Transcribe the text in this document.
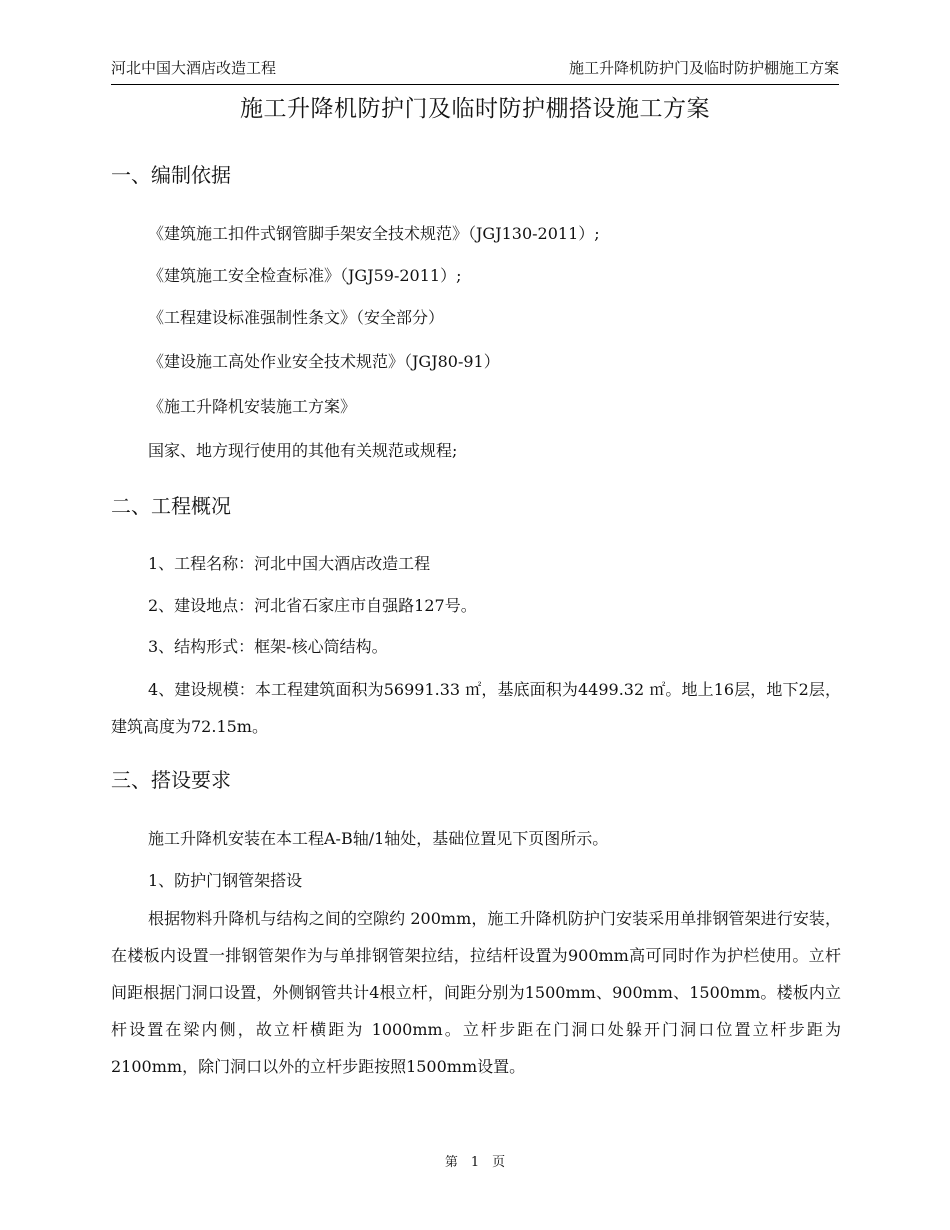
河北中国大酒店改造工程	施工升降机防护门及临时防护棚施工方案
施工升降机防护门及临时防护棚搭设施工方案
一、编制依据
《建筑施工扣件式钢管脚手架安全技术规范》（JGJ130-2011）;
《建筑施工安全检查标准》（JGJ59-2011）;
《工程建设标准强制性条文》（安全部分）
《建设施工高处作业安全技术规范》（JGJ80-91）
《施工升降机安装施工方案》
国家、地方现行使用的其他有关规范或规程;
二、工程概况
1、工程名称：河北中国大酒店改造工程
2、建设地点：河北省石家庄市自强路127号。
3、结构形式：框架-核心筒结构。
4、建设规模：本工程建筑面积为56991.33 ㎡，基底面积为4499.32 ㎡。地上16层，地下2层，建筑高度为72.15m。
三、搭设要求
施工升降机安装在本工程A-B轴/1轴处，基础位置见下页图所示。
1、防护门钢管架搭设
根据物料升降机与结构之间的空隙约 200mm，施工升降机防护门安装采用单排钢管架进行安装，在楼板内设置一排钢管架作为与单排钢管架拉结，拉结杆设置为900mm高可同时作为护栏使用。立杆间距根据门洞口设置，外侧钢管共计4根立杆，间距分别为1500mm、900mm、1500mm。楼板内立杆设置在梁内侧，故立杆横距为 1000mm。立杆步距在门洞口处躲开门洞口位置立杆步距为2100mm，除门洞口以外的立杆步距按照1500mm设置。
第　1　页
